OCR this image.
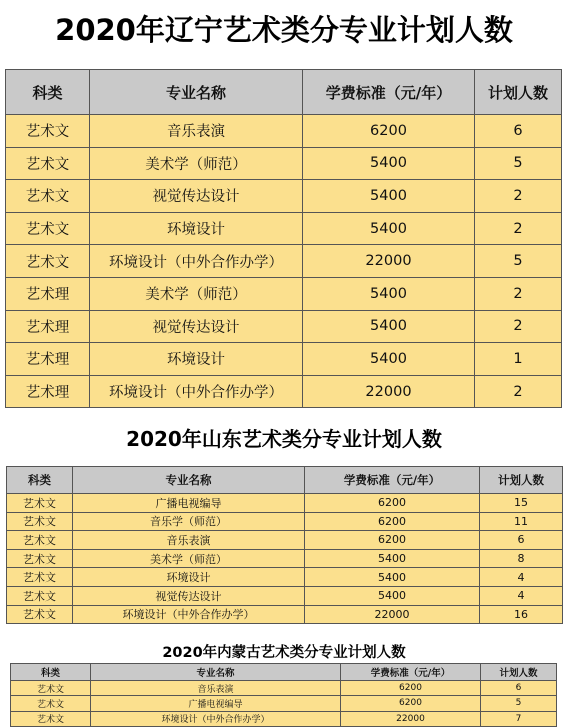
2020年辽宁艺术类分专业计划人数
科类	专业名称	学费标准（元/年）	计划人数
艺术文	音乐表演	6200	6
艺术文	美术学（师范）	5400	5
艺术文	视觉传达设计	5400	2
艺术文	环境设计	5400	2
艺术文	环境设计（中外合作办学）	22000	5
艺术理	美术学（师范）	5400	2
艺术理	视觉传达设计	5400	2
艺术理	环境设计	5400	1
艺术理	环境设计（中外合作办学）	22000	2
2020年山东艺术类分专业计划人数
科类	专业名称	学费标准（元/年）	计划人数
艺术文	广播电视编导	6200	15
艺术文	音乐学（师范）	6200	11
艺术文	音乐表演	6200	6
艺术文	美术学（师范）	5400	8
艺术文	环境设计	5400	4
艺术文	视觉传达设计	5400	4
艺术文	环境设计（中外合作办学）	22000	16
2020年内蒙古艺术类分专业计划人数
科类	专业名称	学费标准（元/年）	计划人数
艺术文	音乐表演	6200	6
艺术文	广播电视编导	6200	5
艺术文	环境设计（中外合作办学）	22000	7
